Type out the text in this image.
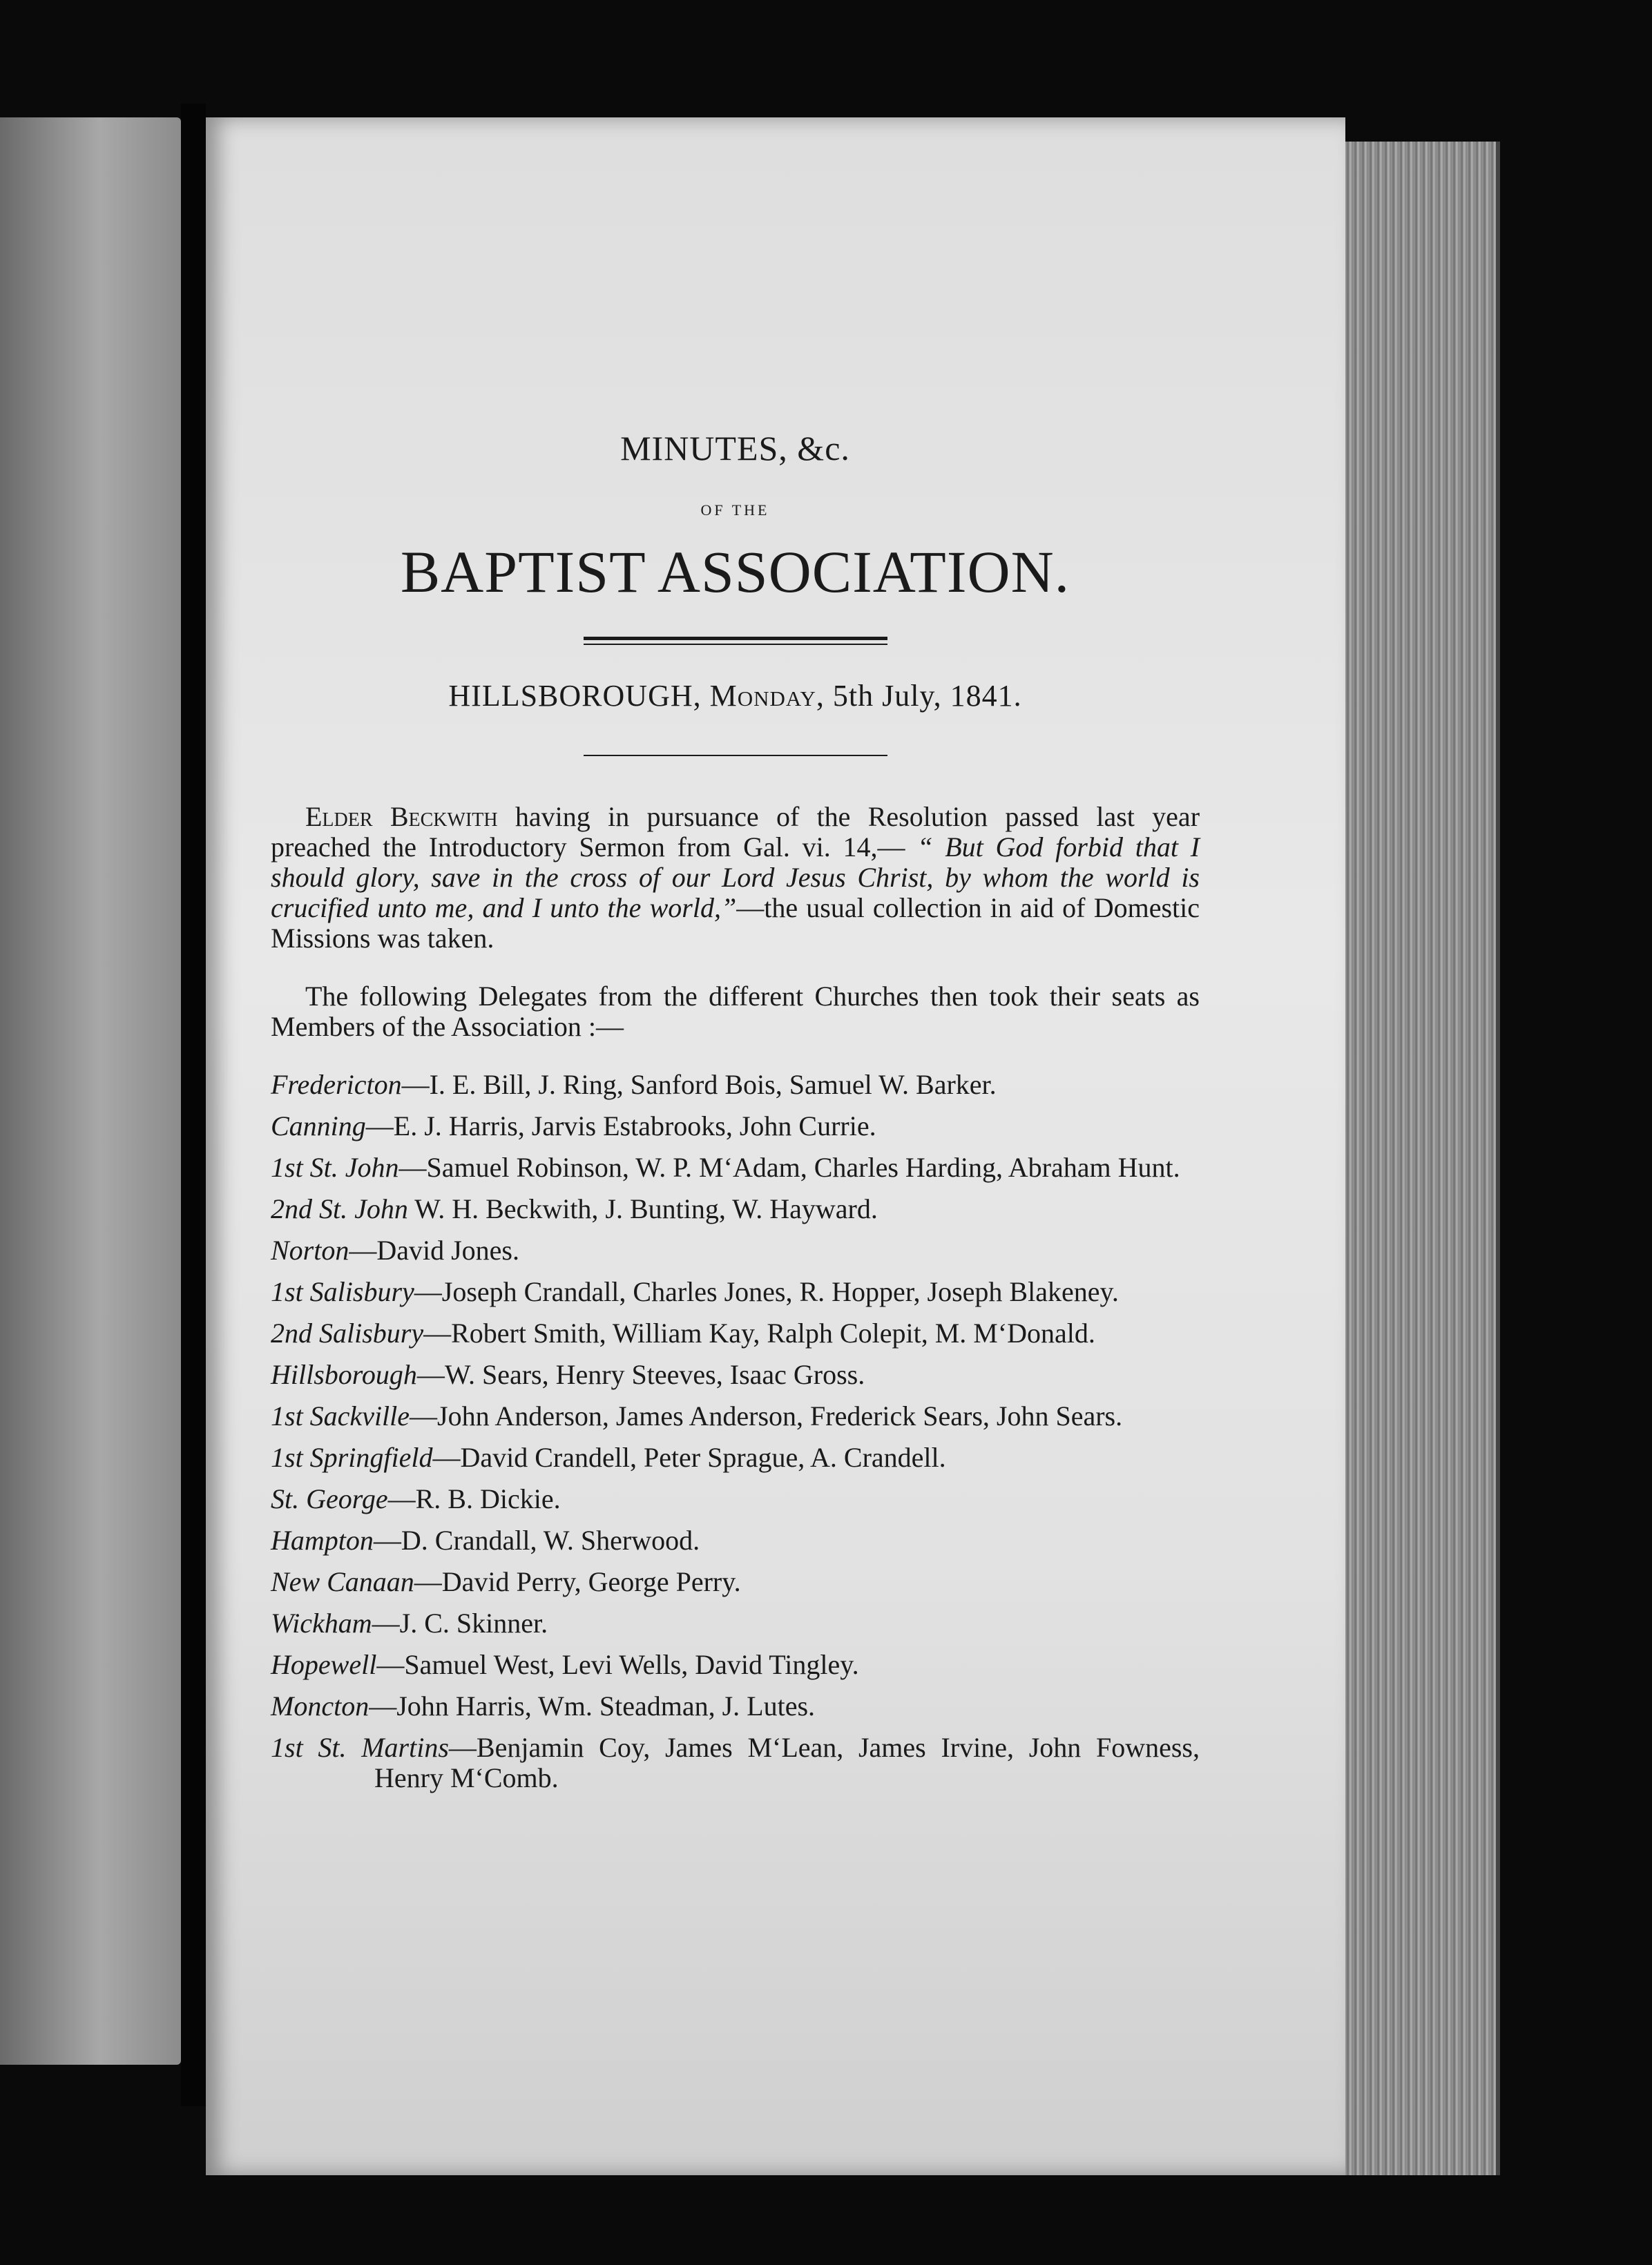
MINUTES, &c.
OF THE
BAPTIST ASSOCIATION.
HILLSBOROUGH, Monday, 5th July, 1841.

Elder Beckwith having in pursuance of the Resolution passed last year preached the Introductory Sermon from Gal. vi. 14,— “ But God forbid that I should glory, save in the cross of our Lord Jesus Christ, by whom the world is crucified unto me, and I unto the world,”—the usual collection in aid of Domestic Missions was taken.

The following Delegates from the different Churches then took their seats as Members of the Association :—

Fredericton—I. E. Bill, J. Ring, Sanford Bois, Samuel W. Barker.
Canning—E. J. Harris, Jarvis Estabrooks, John Currie.
1st St. John—Samuel Robinson, W. P. M‘Adam, Charles Harding, Abraham Hunt.
2nd St. John W. H. Beckwith, J. Bunting, W. Hayward.
Norton—David Jones.
1st Salisbury—Joseph Crandall, Charles Jones, R. Hopper, Joseph Blakeney.
2nd Salisbury—Robert Smith, William Kay, Ralph Colepit, M. M‘Donald.
Hillsborough—W. Sears, Henry Steeves, Isaac Gross.
1st Sackville—John Anderson, James Anderson, Frederick Sears, John Sears.
1st Springfield—David Crandell, Peter Sprague, A. Crandell.
St. George—R. B. Dickie.
Hampton—D. Crandall, W. Sherwood.
New Canaan—David Perry, George Perry.
Wickham—J. C. Skinner.
Hopewell—Samuel West, Levi Wells, David Tingley.
Moncton—John Harris, Wm. Steadman, J. Lutes.
1st St. Martins—Benjamin Coy, James M‘Lean, James Irvine, John Fowness, Henry M‘Comb.
